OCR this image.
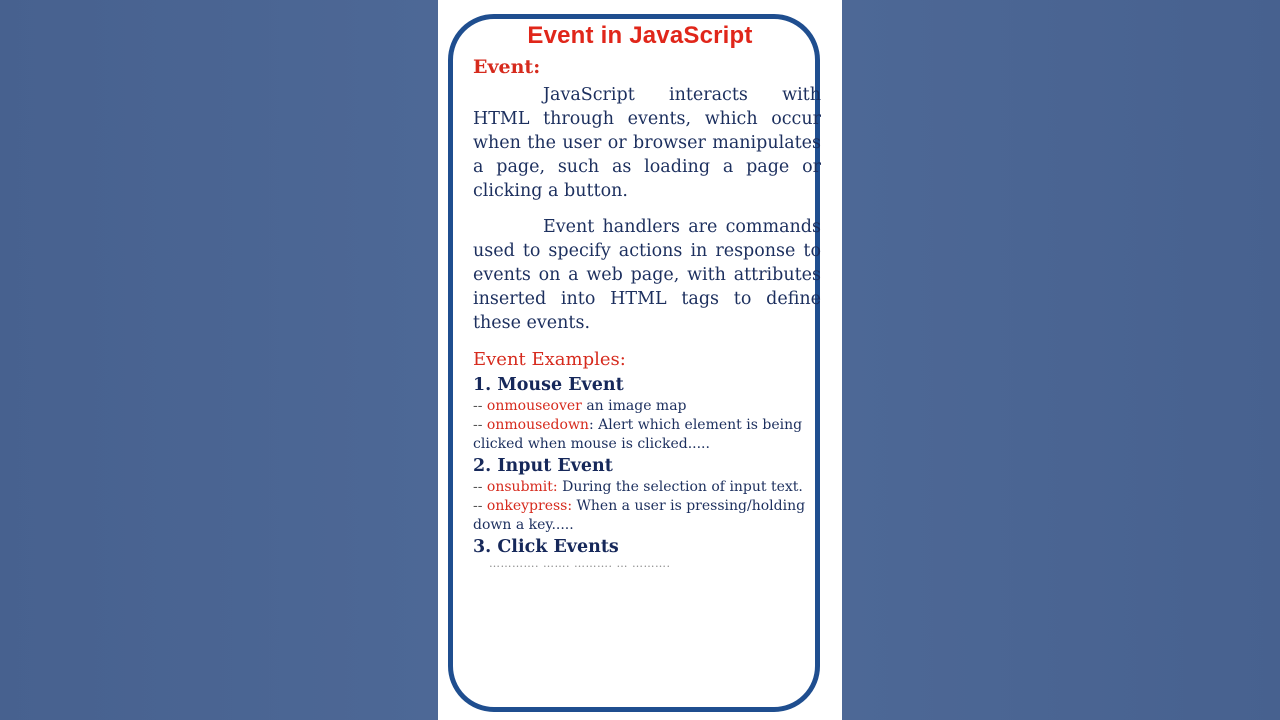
Event in JavaScript
Event:

JavaScript interacts with HTML through events, which occur when the user or browser manipulates a page, such as loading a page or clicking a button.

Event handlers are commands used to specify actions in response to events on a web page, with attributes inserted into HTML tags to define these events.

Event Examples:
1. Mouse Event
-- onmouseover an image map
-- onmousedown: Alert which element is being clicked when mouse is clicked.....
2. Input Event
-- onsubmit: During the selection of input text.
-- onkeypress: When a user is pressing/holding down a key.....
3. Click Events
…………. ……. ………. … ……….
